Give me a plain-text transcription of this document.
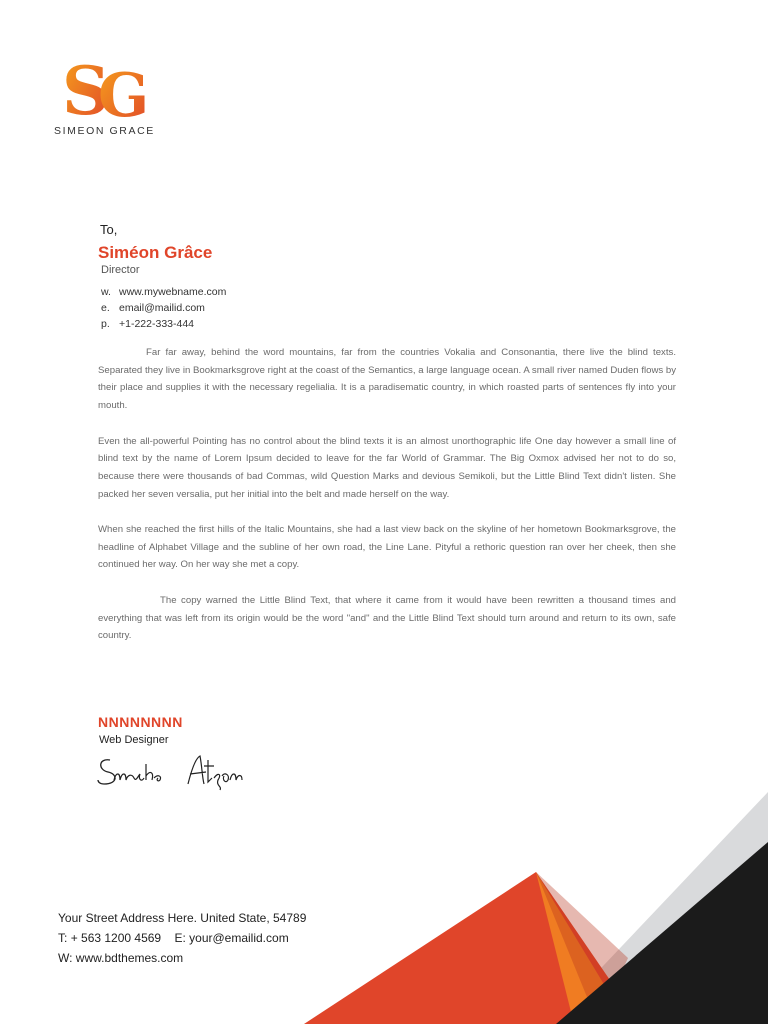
S
G
SIMEON GRACE
To,
Siméon Grâce
Director
w. www.mywebname.com
e. email@mailid.com
p. +1-222-333-444

Far far away, behind the word mountains, far from the countries Vokalia and Consonantia, there live the blind texts. Separated they live in Bookmarksgrove right at the coast of the Semantics, a large language ocean. A small river named Duden flows by their place and supplies it with the necessary regelialia. It is a paradisematic country, in which roasted parts of sentences fly into your mouth.

Even the all-powerful Pointing has no control about the blind texts it is an almost unorthographic life One day however a small line of blind text by the name of Lorem Ipsum decided to leave for the far World of Grammar. The Big Oxmox advised her not to do so, because there were thousands of bad Commas, wild Question Marks and devious Semikoli, but the Little Blind Text didn't listen. She packed her seven versalia, put her initial into the belt and made herself on the way.

When she reached the first hills of the Italic Mountains, she had a last view back on the skyline of her hometown Bookmarksgrove, the headline of Alphabet Village and the subline of her own road, the Line Lane. Pityful a rethoric question ran over her cheek, then she continued her way. On her way she met a copy.

The copy warned the Little Blind Text, that where it came from it would have been rewritten a thousand times and everything that was left from its origin would be the word "and" and the Little Blind Text should turn around and return to its own, safe country.

NNNNNNNN
Web Designer
Your Street Address Here. United State, 54789
T: + 563 1200 4569 E: your@emailid.com
W: www.bdthemes.com
